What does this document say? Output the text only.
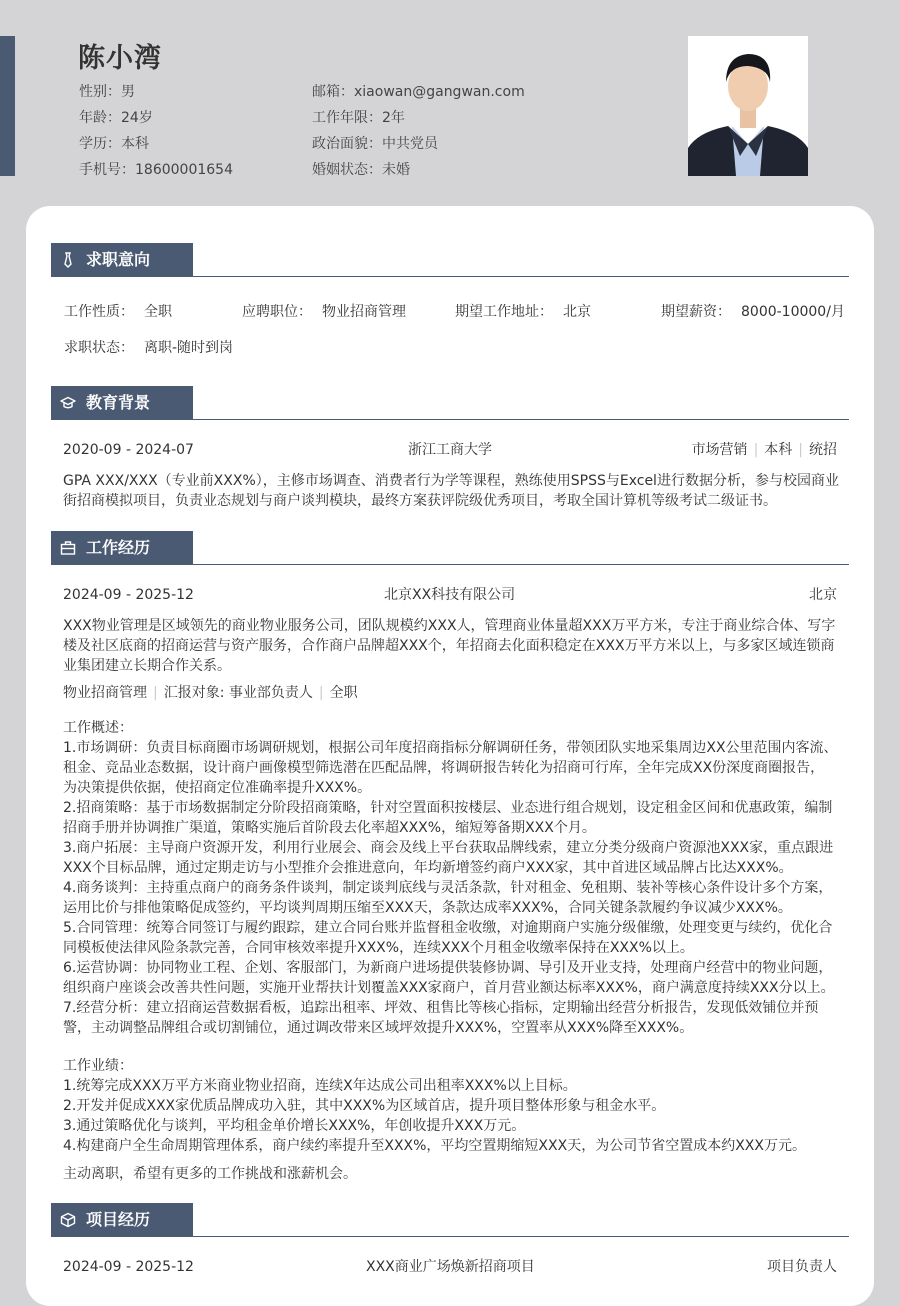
陈小湾
性别：男
年龄：24岁
学历：本科
手机号：18600001654
邮箱：xiaowan@gangwan.com
工作年限：2年
政治面貌：中共党员
婚姻状态：未婚
求职意向
工作性质： 全职	应聘职位： 物业招商管理	期望工作地址： 北京	期望薪资： 8000-10000/月
求职状态： 离职-随时到岗
教育背景
2020-09 - 2024-07	浙江工商大学	市场营销 | 本科 | 统招
GPA XXX/XXX（专业前XXX%），主修市场调查、消费者行为学等课程，熟练使用SPSS与Excel进行数据分析，参与校园商业街招商模拟项目，负责业态规划与商户谈判模块，最终方案获评院级优秀项目，考取全国计算机等级考试二级证书。
工作经历
2024-09 - 2025-12	北京XX科技有限公司	北京
XXX物业管理是区域领先的商业物业服务公司，团队规模约XXX人，管理商业体量超XXX万平方米，专注于商业综合体、写字楼及社区底商的招商运营与资产服务，合作商户品牌超XXX个，年招商去化面积稳定在XXX万平方米以上，与多家区域连锁商业集团建立长期合作关系。
物业招商管理 | 汇报对象: 事业部负责人 | 全职
工作概述：
1.市场调研：负责目标商圈市场调研规划，根据公司年度招商指标分解调研任务，带领团队实地采集周边XX公里范围内客流、
租金、竞品业态数据，设计商户画像模型筛选潜在匹配品牌，将调研报告转化为招商可行库，全年完成XX份深度商圈报告，
为决策提供依据，使招商定位准确率提升XXX%。
2.招商策略：基于市场数据制定分阶段招商策略，针对空置面积按楼层、业态进行组合规划，设定租金区间和优惠政策，编制
招商手册并协调推广渠道，策略实施后首阶段去化率超XXX%，缩短筹备期XXX个月。
3.商户拓展：主导商户资源开发，利用行业展会、商会及线上平台获取品牌线索，建立分类分级商户资源池XXX家，重点跟进
XXX个目标品牌，通过定期走访与小型推介会推进意向，年均新增签约商户XXX家，其中首进区域品牌占比达XXX%。
4.商务谈判：主持重点商户的商务条件谈判，制定谈判底线与灵活条款，针对租金、免租期、装补等核心条件设计多个方案，
运用比价与排他策略促成签约，平均谈判周期压缩至XXX天，条款达成率XXX%，合同关键条款履约争议减少XXX%。
5.合同管理：统筹合同签订与履约跟踪，建立合同台账并监督租金收缴，对逾期商户实施分级催缴，处理变更与续约，优化合
同模板使法律风险条款完善，合同审核效率提升XXX%，连续XXX个月租金收缴率保持在XXX%以上。
6.运营协调：协同物业工程、企划、客服部门，为新商户进场提供装修协调、导引及开业支持，处理商户经营中的物业问题，
组织商户座谈会改善共性问题，实施开业帮扶计划覆盖XXX家商户，首月营业额达标率XXX%，商户满意度持续XXX分以上。
7.经营分析：建立招商运营数据看板，追踪出租率、坪效、租售比等核心指标，定期输出经营分析报告，发现低效铺位并预
警，主动调整品牌组合或切割铺位，通过调改带来区域坪效提升XXX%，空置率从XXX%降至XXX%。
工作业绩：
1.统筹完成XXX万平方米商业物业招商，连续X年达成公司出租率XXX%以上目标。
2.开发并促成XXX家优质品牌成功入驻，其中XXX%为区域首店，提升项目整体形象与租金水平。
3.通过策略优化与谈判，平均租金单价增长XXX%，年创收提升XXX万元。
4.构建商户全生命周期管理体系，商户续约率提升至XXX%，平均空置期缩短XXX天，为公司节省空置成本约XXX万元。
主动离职，希望有更多的工作挑战和涨薪机会。
项目经历
2024-09 - 2025-12	XXX商业广场焕新招商项目	项目负责人
